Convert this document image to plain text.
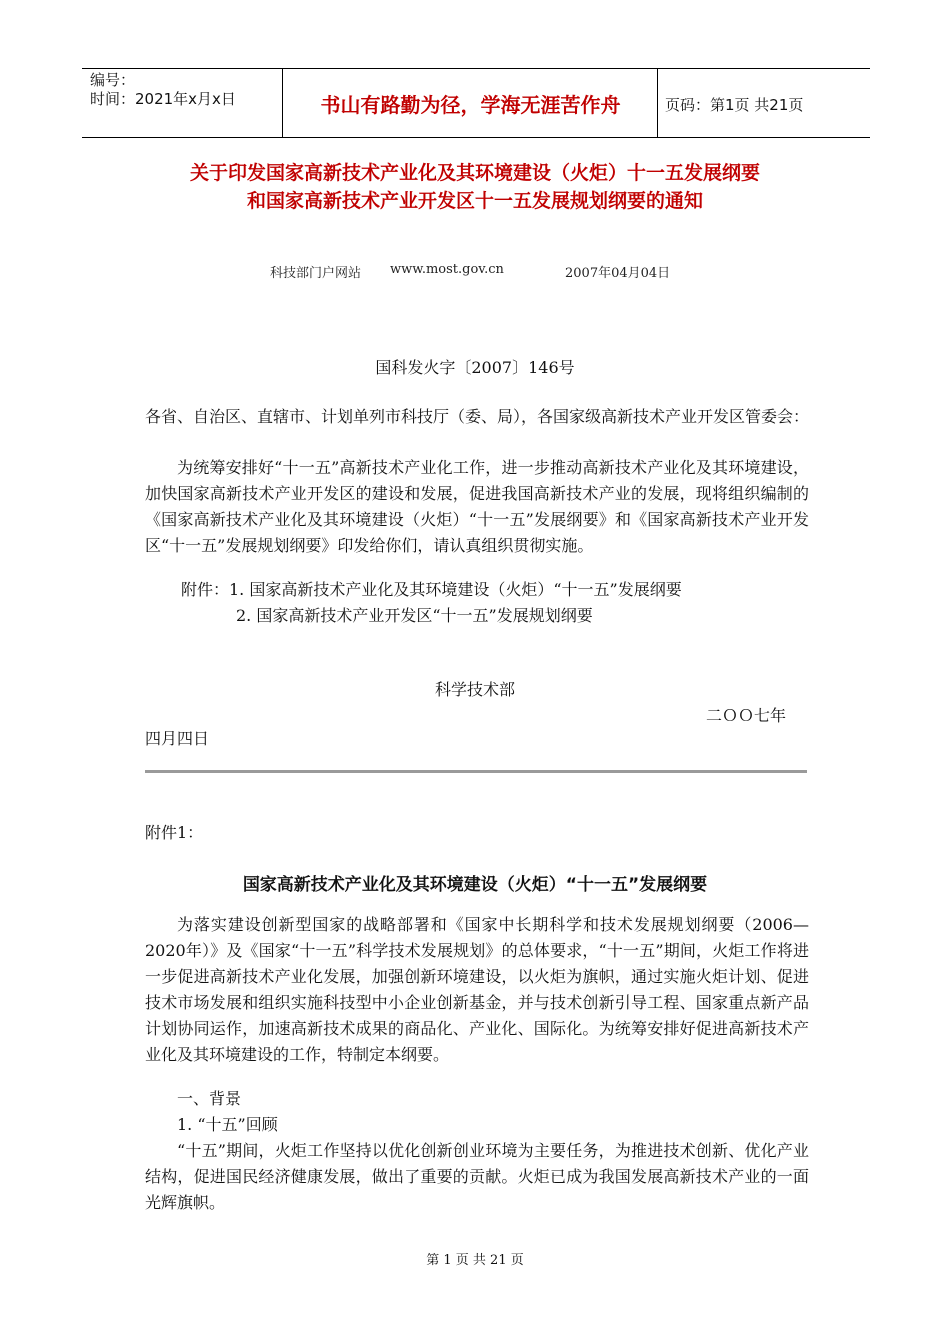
编号：
时间：2021年x月x日	书山有路勤为径，学海无涯苦作舟	页码：第1页 共21页
关于印发国家高新技术产业化及其环境建设（火炬）十一五发展纲要
和国家高新技术产业开发区十一五发展规划纲要的通知
科技部门户网站 www.most.gov.cn	2007年04月04日
国科发火字〔2007〕146号
各省、自治区、直辖市、计划单列市科技厅（委、局），各国家级高新技术产业开发区管委会：
为统筹安排好“十一五”高新技术产业化工作，进一步推动高新技术产业化及其环境建设，加快国家高新技术产业开发区的建设和发展，促进我国高新技术产业的发展，现将组织编制的《国家高新技术产业化及其环境建设（火炬）“十一五”发展纲要》和《国家高新技术产业开发区“十一五”发展规划纲要》印发给你们，请认真组织贯彻实施。
附件：1. 国家高新技术产业化及其环境建设（火炬）“十一五”发展纲要
2. 国家高新技术产业开发区“十一五”发展规划纲要
科学技术部
二ＯＯ七年
四月四日
附件1：
国家高新技术产业化及其环境建设（火炬）“十一五”发展纲要
为落实建设创新型国家的战略部署和《国家中长期科学和技术发展规划纲要（2006—2020年）》及《国家“十一五”科学技术发展规划》的总体要求，“十一五”期间，火炬工作将进一步促进高新技术产业化发展，加强创新环境建设，以火炬为旗帜，通过实施火炬计划、促进技术市场发展和组织实施科技型中小企业创新基金，并与技术创新引导工程、国家重点新产品计划协同运作，加速高新技术成果的商品化、产业化、国际化。为统筹安排好促进高新技术产业化及其环境建设的工作，特制定本纲要。
一、背景
1. “十五”回顾
“十五”期间，火炬工作坚持以优化创新创业环境为主要任务，为推进技术创新、优化产业结构，促进国民经济健康发展，做出了重要的贡献。火炬已成为我国发展高新技术产业的一面光辉旗帜。
第 1 页 共 21 页
